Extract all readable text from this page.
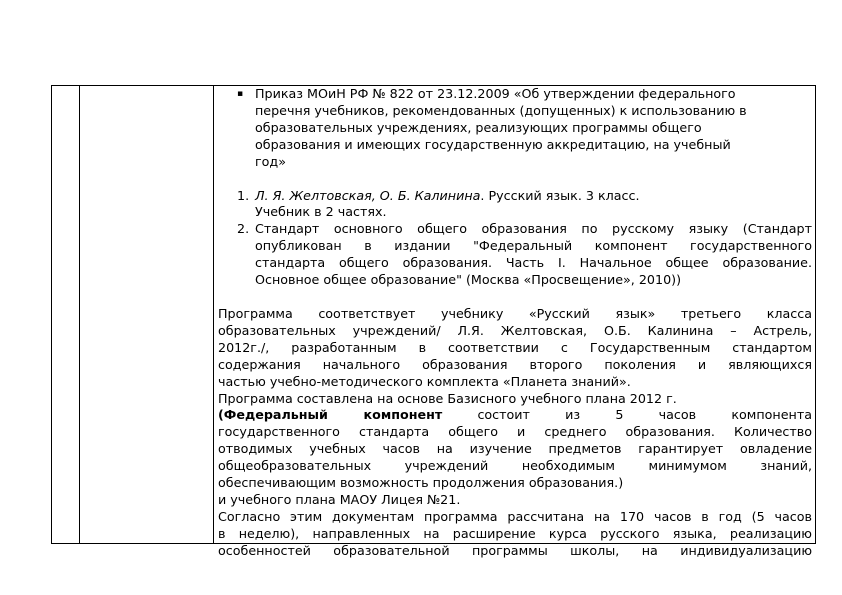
▪ Приказ МОиН РФ № 822 от 23.12.2009 «Об утверждении федерального
перечня учебников, рекомендованных (допущенных) к использованию в
образовательных учреждениях, реализующих программы общего
образования и имеющих государственную аккредитацию, на учебный
год»
1. Л. Я. Желтовская, О. Б. Калинина. Русский язык. 3 класс.
Учебник в 2 частях.
2. Стандарт основного общего образования по русскому языку (Стандарт
опубликован в издании "Федеральный компонент государственного
стандарта общего образования. Часть I. Начальное общее образование.
Основное общее образование" (Москва «Просвещение», 2010))
Программа соответствует учебнику «Русский язык» третьего класса
образовательных учреждений/ Л.Я. Желтовская, О.Б. Калинина – Астрель,
2012г./, разработанным в соответствии с Государственным стандартом
содержания начального образования второго поколения и являющихся
частью учебно-методического комплекта «Планета знаний».
Программа составлена на основе Базисного учебного плана 2012 г.
(Федеральный компонент	состоит из 5 часов компонента
государственного стандарта общего и среднего образования. Количество
отводимых учебных часов на изучение предметов гарантирует овладение
общеобразовательных учреждений необходимым минимумом знаний,
обеспечивающим возможность продолжения образования.)
и учебного плана МАОУ Лицея №21.
Согласно этим документам программа рассчитана на 170 часов в год (5 часов
в неделю), направленных на расширение курса русского языка, реализацию
особенностей образовательной программы школы, на индивидуализацию
